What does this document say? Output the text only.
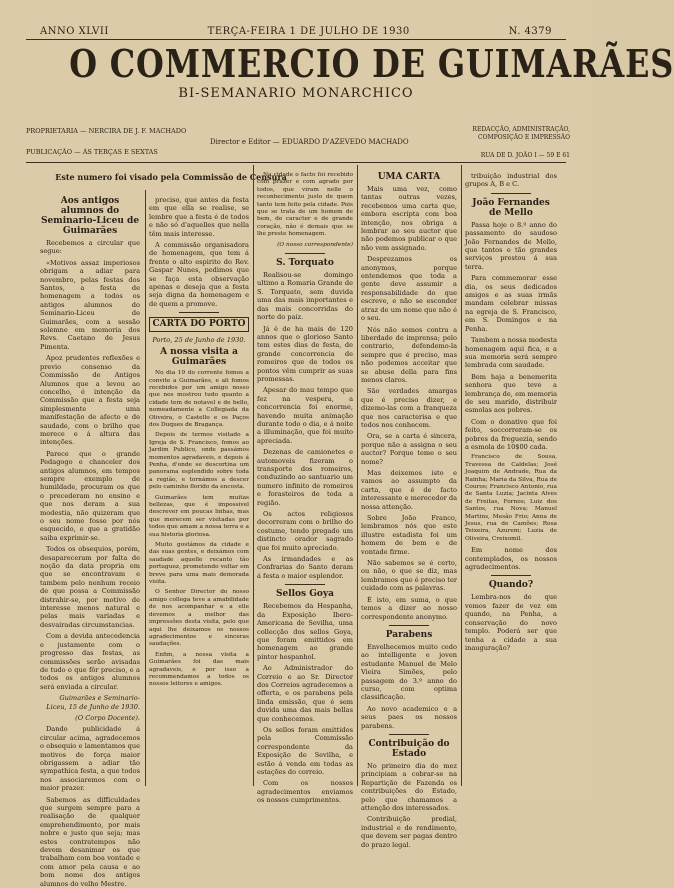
ANNO XLVII	TERÇA-FEIRA 1 DE JULHO DE 1930	N. 4379
O COMMERCIO DE GUIMARÃES
BI-SEMANARIO MONARCHICO
PROPRIETARIA — NERCIRA DE J. F. MACHADO
PUBLICAÇÃO — ÁS TERÇAS E SEXTAS
Director e Editor — EDUARDO D'AZEVEDO MACHADO
REDACÇÃO, ADMINISTRAÇÃO, COMPOSIÇÃO E IMPRESSÃO
RUA DE D. JOÃO I — 59 E 61
Este numero foi visado pela Commissão de Censura

Aos antigos alumnos do Seminario-Liceu de Guimarães

Recebemos a circular que segue:

«Motivos assaz imperiosos obrigam a adiar para novembro, pelas festas dos Santos, a festa de homenagem a todos os antigos alumnos do Seminario-Liceu de Guimarães, com a sessão solemne em memoria dos Revs. Caetano de Jesus Pimenta.

Apoz prudentes reflexões e previo consenso da Commissão de Antigos Alumnos que a levou ao concelho, é intenção da Commissão que a festa seja simplesmente uma manifestação de afecto e de saudade, com o brilho que merece e á altura das intenções.

Parece que o grande Pedagogo e chanceler dos antigos alumnos, em tempos sempre exemplo de humildade, procuram os que o precederam no ensino e que nos deram a sua modestia, não quizeram que o seu nome fosse por nós esquecido, e que a gratidão saiba exprimir-se.

Todos os obsequios, porém, desapareceram por falta de noção da data propria em que se encontravam e tambem pelo nenhum receio de que possa a Commissão distrahir-se, por motivo de interesse menos natural e pelas mais variadas e desvairadas circumstancias.

Com a devida antecedencia e justamente com o progresso das festas, as commissões serão avisadas de tudo o que fôr preciso, e a todos os antigos alumnos será enviada a circular.

Guimarães e Seminario-Liceu, 15 de Junho de 1930.

(O Corpo Docente).

Dando publicidade á circular acima, agradecemos o obsequio e lamentamos que motivos de força maior obrigassem a adiar tão sympathica festa, a que todos nos associaremos com o maior prazer.

Sabemos as difficuldades que surgem sempre para a realisação de qualquer emprehendimento, por mais nobre e justo que seja; mas estes contratempos não devem desanimar os que trabalham com boa vontade e com amor pela causa e ao bom nome dos antigos alumnos do velho Mestre.

preciso, que antes da festa em que ella se realise, se lembre que a festa é de todos e não só d'aquelles que nella têm mais interesse.

A commissão organisadora de homenagem, que tem á frente o alto espirito do Rev. Gaspar Nunes, pedimos que se faça esta observação apenas e deseja que a festa seja digna da homenagem e de quem a promove.

CARTA DO PORTO

Porto, 25 de Junho de 1930.

A nossa visita a Guimarães

No dia 19 do corrente fomos a convite a Guimarães, e ali fomos recebidos por um amigo nosso que nos mostrou tudo quanto a cidade tem de notavel e de bello, nomeadamente a Collegiada da Oliveira, o Castello e os Paços dos Duques de Bragança.

Depois de termos visitado a Igreja de S. Francisco, fomos ao Jardim Publico, onde passámos momentos agradaveis, e depois á Penha, d'onde se descortina um panorama esplendido sobre toda a região, e tornámos a descer pelo caminho florido da encosta.

Guimarães tem muitas bellezas, que é impossivel descrever em poucas linhas, mas que merecem ser visitadas por todos que amam a nossa terra e a sua historia gloriosa.

Muito gostámos da cidade e das suas gentes, e deixámos com saudade aquelle recanto tão portuguez, prometendo voltar em breve para uma mais demorada visita.

O Senhor Director do nosso amigo collega teve a amabilidade de nos acompanhar e a elle devemos a melhor das impressões desta visita, pelo que aqui lhe deixamos os nossos agradecimentos e sinceras saudações.

Enfim, a nossa visita a Guimarães foi das mais agradaveis, e por isso a recommendamos a todos os nossos leitores e amigos.

Na cidade o facto foi recebido com prazer e com agrado por todos, que viram nelle o reconhecimento justo de quem tanto tem feito pela cidade. Pois que se trata de um homem de bem, de caracter e de grande coração, não é demais que se lhe preste homenagem.

(O nosso correspondente)

S. Torquato

Realisou-se domingo ultimo a Romaria Grande de S. Torquato, sem duvida uma das mais importantes e das mais concorridas do norte do paiz.

Já é de ha mais de 120 annos que o glorioso Santo tem estes dias de festa, de grande concorrencia de romeiros que de todos os pontos vêm cumprir as suas promessas.

Apesar do mau tempo que fez na vespera, a concorrencia foi enorme, havendo muita animação durante todo o dia, e á noite a illuminação, que foi muito apreciada.

Dezenas de camionetes e automoveis fizeram o transporte dos romeiros, conduzindo ao santuario um numero infinito de romeiros e forasteiros de toda a região.

Os actos religiosos decorreram com o brilho do costume, tendo pregado um distincto orador sagrado que foi muito apreciado.

As irmandades e as Confrarias do Santo deram á festa o maior esplendor.

Sellos Goya

Recebemos da Hespanha, da Exposição Ibero-Americana de Sevilha, uma collecção dos sellos Goya, que foram emittidos em homenagem ao grande pintor hespanhol.

Ao Administrador do Correio e ao Sr. Director dos Correios agradecemos a offerta, e os parabens pela linda emissão, que é sem duvida uma das mais bellas que conhecemos.

Os sellos foram emittidos pela Commissão correspondente da Exposição de Sevilha, e estão á venda em todas as estações do correio.

Com os nossos agradecimentos enviamos os nossos cumprimentos.

UMA CARTA

Mais uma vez, como tantas outras vezes, recebemos uma carta que, embora escripta com boa intenção, nos obriga a lembrar ao seu auctor que não podemos publicar o que não vem assignado.

Desprezamos os anonymos, porque entendemos que toda a gente deve assumir a responsabilidade do que escreve, e não se esconder atraz de um nome que não é o seu.

Nós não somos contra a liberdade de imprensa; pelo contrario, defendemo-la sempre que é preciso, mas não podemos acceitar que se abuse della para fins menos claros.

São verdades amargas que é preciso dizer, e dizemo-las com a franqueza que nos caracterisa e que todos nos conhecem.

Ora, se a carta é sincera, porque não a assigna o seu auctor? Porque teme o seu nome?

Mas deixemos isto e vamos ao assumpto da carta, que é de facto interessante e merecedor da nossa attenção.

Sobre João Franco, lembramos nós que este illustre estadista foi um homem de bem e de vontade firme.

Não sabemos se é certo, ou não, o que se diz, mas lembramos que é preciso ter cuidado com as palavras.

É isto, em suma, o que temos a dizer ao nosso correspondente anonymo.

Parabens

Envelhecemos muito cedo ao intelligente e joven estudante Manuel de Melo Vieira Simões, pelo passagem do 3.º anno do curso, com optima classificação.

Ao novo academico e a seus paes os nossos parabens.

Contribuição do Estado

No primeiro dia do mez principiam a cobrar-se na Repartição de Fazenda os contribuições do Estado, pelo que chamamos a attenção dos interessados.

Contribuição predial, industrial e de rendimento, que devem ser pagas dentro do prazo legal.

tribuição industrial dos grupos A, B e C.

João Fernandes de Mello

Passa hoje o 8.º anno do passamento do saudoso João Fernandes de Mello, que tantos e tão grandes serviços prestou á sua terra.

Para commemorar esse dia, os seus dedicados amigos e as suas irmãs mandam celebrar missas na egreja de S. Francisco, em S. Domingos e na Penha.

Tambem a nossa modesta homenagem aqui fica, e a sua memoria será sempre lembrada com saudade.

Bem haja a benemerita senhora que teve a lembrança de, em memoria de seu marido, distribuir esmolas aos pobres.

Com o donativo que foi feito, soccorreram-se os pobres da freguezia, sendo a esmola de 10$00 cada.

Francisco de Sousa, Travessa de Caldelas; José Joaquim de Andrade, Rua da Rainha; Maria da Silva, Rua de Couros; Francisco Antonio, rua de Santa Luzia; Jacinta Alves de Freitas, Fornos; Luiz dos Santos, rua Nova; Manuel Martins, Mesão Frio; Anna de Jesus, rua de Camões; Rosa Teixeira, Azurem; Luzia de Oliveira, Creixomil.

Em nome dos contemplados, os nossos agradecimentos.

Quando?

Lembra-nos de que vemos fazer de vez em quando, na Penha, a conservação do novo templo. Poderá ser que tenha a cidade a sua inauguração?
